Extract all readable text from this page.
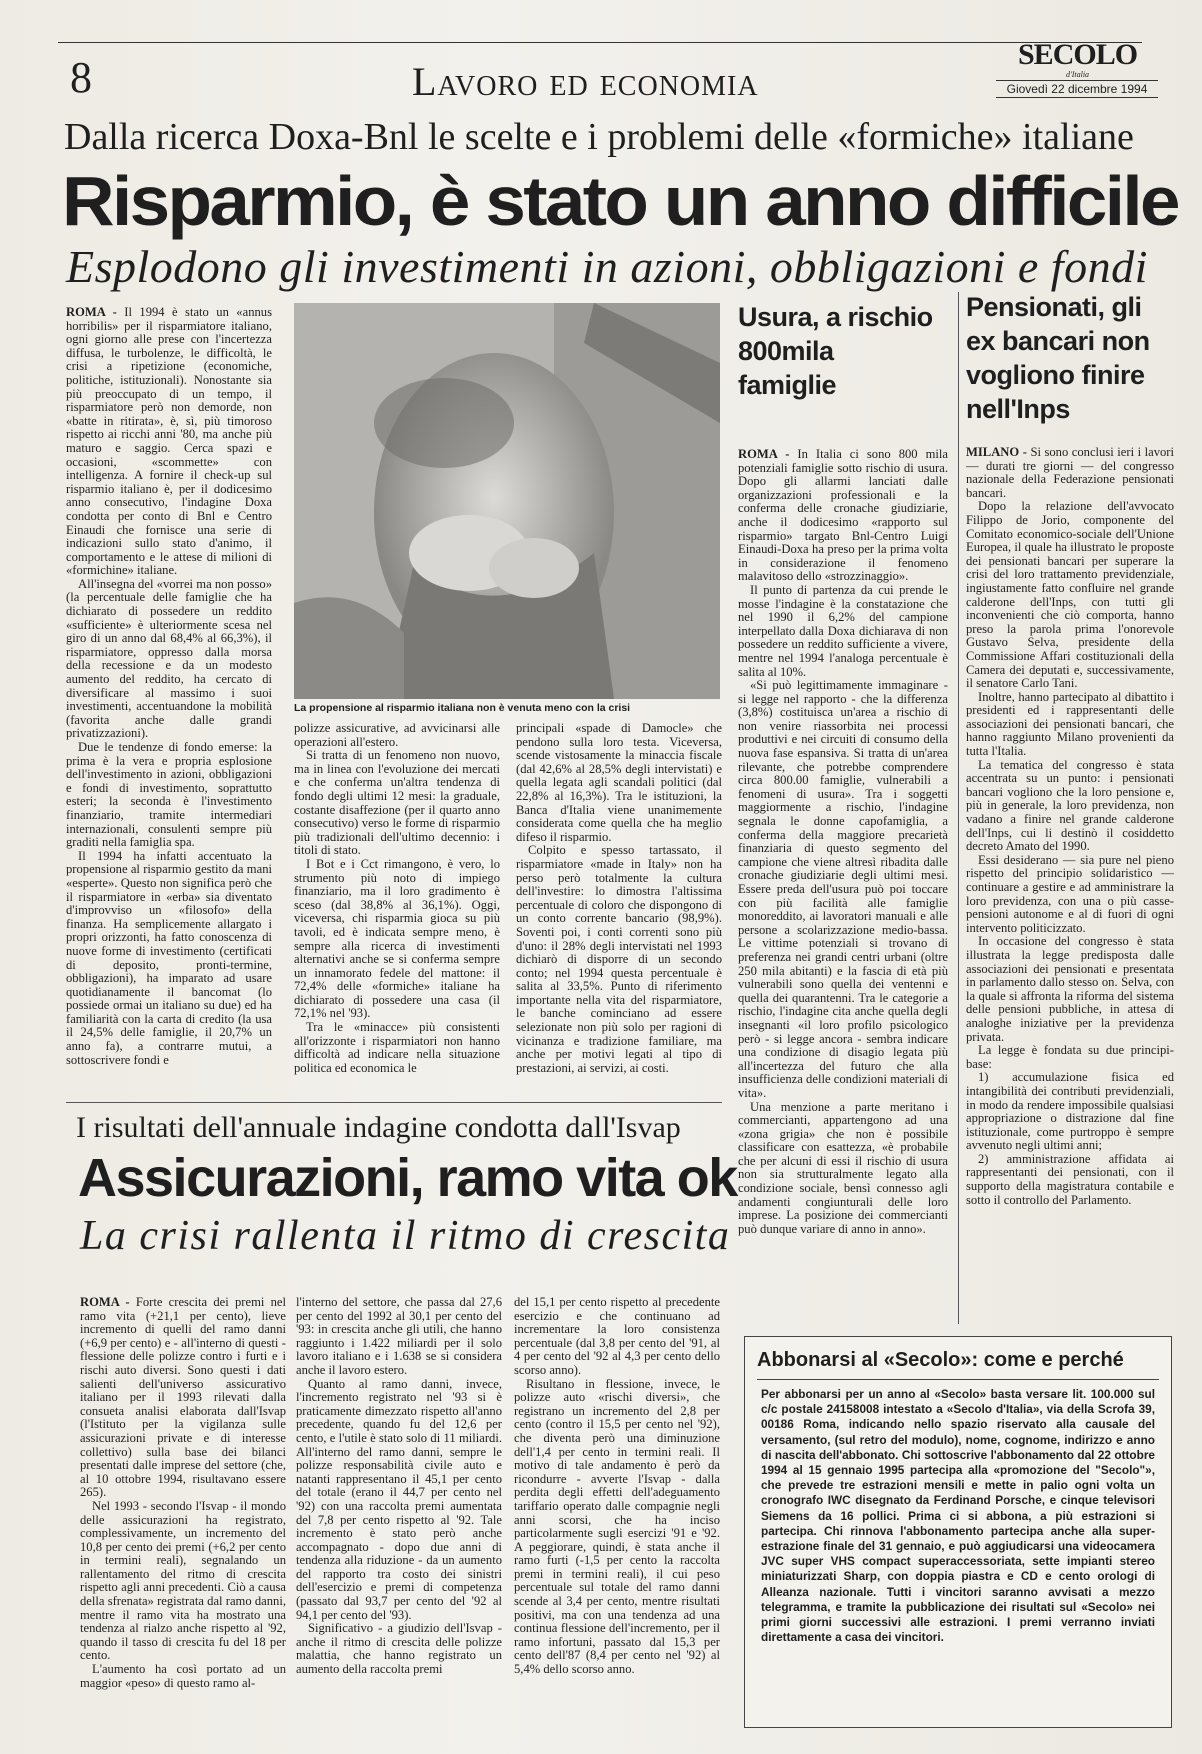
8	Lavoro ed economia
SECOLO
d'Italia
Giovedì 22 dicembre 1994
Dalla ricerca Doxa-Bnl le scelte e i problemi delle «formiche» italiane
Risparmio, è stato un anno difficile
Esplodono gli investimenti in azioni, obbligazioni e fondi

ROMA - Il 1994 è stato un «annus horribilis» per il risparmiatore italiano, ogni giorno alle prese con l'incertezza diffusa, le turbolenze, le difficoltà, le crisi a ripetizione (economiche, politiche, istituzionali). Nonostante sia più preoccupato di un tempo, il risparmiatore però non demorde, non «batte in ritirata», è, sì, più timoroso rispetto ai ricchi anni '80, ma anche più maturo e saggio. Cerca spazi e occasioni, «scommette» con intelligenza. A fornire il check-up sul risparmio italiano è, per il dodicesimo anno consecutivo, l'indagine Doxa condotta per conto di Bnl e Centro Einaudi che fornisce una serie di indicazioni sullo stato d'animo, il comportamento e le attese di milioni di «formichine» italiane.

All'insegna del «vorrei ma non posso» (la percentuale delle famiglie che ha dichiarato di possedere un reddito «sufficiente» è ulteriormente scesa nel giro di un anno dal 68,4% al 66,3%), il risparmiatore, oppresso dalla morsa della recessione e da un modesto aumento del reddito, ha cercato di diversificare al massimo i suoi investimenti, accentuandone la mobilità (favorita anche dalle grandi privatizzazioni).

Due le tendenze di fondo emerse: la prima è la vera e propria esplosione dell'investimento in azioni, obbligazioni e fondi di investimento, soprattutto esteri; la seconda è l'investimento finanziario, tramite intermediari internazionali, consulenti sempre più graditi nella famiglia spa.

Il 1994 ha infatti accentuato la propensione al risparmio gestito da mani «esperte». Questo non significa però che il risparmiatore in «erba» sia diventato d'improvviso un «filosofo» della finanza. Ha semplicemente allargato i propri orizzonti, ha fatto conoscenza di nuove forme di investimento (certificati di deposito, pronti-termine, obbligazioni), ha imparato ad usare quotidianamente il bancomat (lo possiede ormai un italiano su due) ed ha familiarità con la carta di credito (la usa il 24,5% delle famiglie, il 20,7% un anno fa), a contrarre mutui, a sottoscrivere fondi e

La propensione al risparmio italiana non è venuta meno con la crisi

polizze assicurative, ad avvicinarsi alle operazioni all'estero.

Si tratta di un fenomeno non nuovo, ma in linea con l'evoluzione dei mercati e che conferma un'altra tendenza di fondo degli ultimi 12 mesi: la graduale, costante disaffezione (per il quarto anno consecutivo) verso le forme di risparmio più tradizionali dell'ultimo decennio: i titoli di stato.

I Bot e i Cct rimangono, è vero, lo strumento più noto di impiego finanziario, ma il loro gradimento è sceso (dal 38,8% al 36,1%). Oggi, viceversa, chi risparmia gioca su più tavoli, ed è indicata sempre meno, è sempre alla ricerca di investimenti alternativi anche se si conferma sempre un innamorato fedele del mattone: il 72,4% delle «formiche» italiane ha dichiarato di possedere una casa (il 72,1% nel '93).

Tra le «minacce» più consistenti all'orizzonte i risparmiatori non hanno difficoltà ad indicare nella situazione politica ed economica le

principali «spade di Damocle» che pendono sulla loro testa. Viceversa, scende vistosamente la minaccia fiscale (dal 42,6% al 28,5% degli intervistati) e quella legata agli scandali politici (dal 22,8% al 16,3%). Tra le istituzioni, la Banca d'Italia viene unanimemente considerata come quella che ha meglio difeso il risparmio.

Colpito e spesso tartassato, il risparmiatore «made in Italy» non ha perso però totalmente la cultura dell'investire: lo dimostra l'altissima percentuale di coloro che dispongono di un conto corrente bancario (98,9%). Soventi poi, i conti correnti sono più d'uno: il 28% degli intervistati nel 1993 dichiarò di disporre di un secondo conto; nel 1994 questa percentuale è salita al 33,5%. Punto di riferimento importante nella vita del risparmiatore, le banche cominciano ad essere selezionate non più solo per ragioni di vicinanza e tradizione familiare, ma anche per motivi legati al tipo di prestazioni, ai servizi, ai costi.

Usura, a rischio 800mila famiglie

ROMA - In Italia ci sono 800 mila potenziali famiglie sotto rischio di usura. Dopo gli allarmi lanciati dalle organizzazioni professionali e la conferma delle cronache giudiziarie, anche il dodicesimo «rapporto sul risparmio» targato Bnl-Centro Luigi Einaudi-Doxa ha preso per la prima volta in considerazione il fenomeno malavitoso dello «strozzinaggio».

Il punto di partenza da cui prende le mosse l'indagine è la constatazione che nel 1990 il 6,2% del campione interpellato dalla Doxa dichiarava di non possedere un reddito sufficiente a vivere, mentre nel 1994 l'analoga percentuale è salita al 10%.

«Si può legittimamente immaginare - si legge nel rapporto - che la differenza (3,8%) costituisca un'area a rischio di non venire riassorbita nei processi produttivi e nei circuiti di consumo della nuova fase espansiva. Si tratta di un'area rilevante, che potrebbe comprendere circa 800.00 famiglie, vulnerabili a fenomeni di usura». Tra i soggetti maggiormente a rischio, l'indagine segnala le donne capofamiglia, a conferma della maggiore precarietà finanziaria di questo segmento del campione che viene altresì ribadita dalle cronache giudiziarie degli ultimi mesi. Essere preda dell'usura può poi toccare con più facilità alle famiglie monoreddito, ai lavoratori manuali e alle persone a scolarizzazione medio-bassa. Le vittime potenziali si trovano di preferenza nei grandi centri urbani (oltre 250 mila abitanti) e la fascia di età più vulnerabili sono quella dei ventenni e quella dei quarantenni. Tra le categorie a rischio, l'indagine cita anche quella degli insegnanti «il loro profilo psicologico però - si legge ancora - sembra indicare una condizione di disagio legata più all'incertezza del futuro che alla insufficienza delle condizioni materiali di vita».

Una menzione a parte meritano i commercianti, appartengono ad una «zona grigia» che non è possibile classificare con esattezza, «è probabile che per alcuni di essi il rischio di usura non sia strutturalmente legato alla condizione sociale, bensì connesso agli andamenti congiunturali delle loro imprese. La posizione dei commercianti può dunque variare di anno in anno».

Pensionati, gli ex bancari non vogliono finire nell'Inps

MILANO - Si sono conclusi ieri i lavori — durati tre giorni — del congresso nazionale della Federazione pensionati bancari.

Dopo la relazione dell'avvocato Filippo de Jorio, componente del Comitato economico-sociale dell'Unione Europea, il quale ha illustrato le proposte dei pensionati bancari per superare la crisi del loro trattamento previdenziale, ingiustamente fatto confluire nel grande calderone dell'Inps, con tutti gli inconvenienti che ciò comporta, hanno preso la parola prima l'onorevole Gustavo Selva, presidente della Commissione Affari costituzionali della Camera dei deputati e, successivamente, il senatore Carlo Tani.

Inoltre, hanno partecipato al dibattito i presidenti ed i rappresentanti delle associazioni dei pensionati bancari, che hanno raggiunto Milano provenienti da tutta l'Italia.

La tematica del congresso è stata accentrata su un punto: i pensionati bancari vogliono che la loro pensione e, più in generale, la loro previdenza, non vadano a finire nel grande calderone dell'Inps, cui li destinò il cosiddetto decreto Amato del 1990.

Essi desiderano — sia pure nel pieno rispetto del principio solidaristico — continuare a gestire e ad amministrare la loro previdenza, con una o più casse-pensioni autonome e al di fuori di ogni intervento politicizzato.

In occasione del congresso è stata illustrata la legge predisposta dalle associazioni dei pensionati e presentata in parlamento dallo stesso on. Selva, con la quale si affronta la riforma del sistema delle pensioni pubbliche, in attesa di analoghe iniziative per la previdenza privata.

La legge è fondata su due principi-base:

1) accumulazione fisica ed intangibilità dei contributi previdenziali, in modo da rendere impossibile qualsiasi appropriazione o distrazione dal fine istituzionale, come purtroppo è sempre avvenuto negli ultimi anni;

2) amministrazione affidata ai rappresentanti dei pensionati, con il supporto della magistratura contabile e sotto il controllo del Parlamento.

I risultati dell'annuale indagine condotta dall'Isvap
Assicurazioni, ramo vita ok
La crisi rallenta il ritmo di crescita

ROMA - Forte crescita dei premi nel ramo vita (+21,1 per cento), lieve incremento di quelli del ramo danni (+6,9 per cento) e - all'interno di questi - flessione delle polizze contro i furti e i rischi auto diversi. Sono questi i dati salienti dell'universo assicurativo italiano per il 1993 rilevati dalla consueta analisi elaborata dall'Isvap (l'Istituto per la vigilanza sulle assicurazioni private e di interesse collettivo) sulla base dei bilanci presentati dalle imprese del settore (che, al 10 ottobre 1994, risultavano essere 265).

Nel 1993 - secondo l'Isvap - il mondo delle assicurazioni ha registrato, complessivamente, un incremento del 10,8 per cento dei premi (+6,2 per cento in termini reali), segnalando un rallentamento del ritmo di crescita rispetto agli anni precedenti. Ciò a causa della sfrenata» registrata dal ramo danni, mentre il ramo vita ha mostrato una tendenza al rialzo anche rispetto al '92, quando il tasso di crescita fu del 18 per cento.

L'aumento ha così portato ad un maggior «peso» di questo ramo al-

l'interno del settore, che passa dal 27,6 per cento del 1992 al 30,1 per cento del '93: in crescita anche gli utili, che hanno raggiunto i 1.422 miliardi per il solo lavoro italiano e i 1.638 se si considera anche il lavoro estero.

Quanto al ramo danni, invece, l'incremento registrato nel '93 si è praticamente dimezzato rispetto all'anno precedente, quando fu del 12,6 per cento, e l'utile è stato solo di 11 miliardi. All'interno del ramo danni, sempre le polizze responsabilità civile auto e natanti rappresentano il 45,1 per cento del totale (erano il 44,7 per cento nel '92) con una raccolta premi aumentata del 7,8 per cento rispetto al '92. Tale incremento è stato però anche accompagnato - dopo due anni di tendenza alla riduzione - da un aumento del rapporto tra costo dei sinistri dell'esercizio e premi di competenza (passato dal 93,7 per cento del '92 al 94,1 per cento del '93).

Significativo - a giudizio dell'Isvap - anche il ritmo di crescita delle polizze malattia, che hanno registrato un aumento della raccolta premi

del 15,1 per cento rispetto al precedente esercizio e che continuano ad incrementare la loro consistenza percentuale (dal 3,8 per cento del '91, al 4 per cento del '92 al 4,3 per cento dello scorso anno).

Risultano in flessione, invece, le polizze auto «rischi diversi», che registrano un incremento del 2,8 per cento (contro il 15,5 per cento nel '92), che diventa però una diminuzione dell'1,4 per cento in termini reali. Il motivo di tale andamento è però da ricondurre - avverte l'Isvap - dalla perdita degli effetti dell'adeguamento tariffario operato dalle compagnie negli anni scorsi, che ha inciso particolarmente sugli esercizi '91 e '92. A peggiorare, quindi, è stata anche il ramo furti (-1,5 per cento la raccolta premi in termini reali), il cui peso percentuale sul totale del ramo danni scende al 3,4 per cento, mentre risultati positivi, ma con una tendenza ad una continua flessione dell'incremento, per il ramo infortuni, passato dal 15,3 per cento dell'87 (8,4 per cento nel '92) al 5,4% dello scorso anno.

Abbonarsi al «Secolo»: come e perché
Per abbonarsi per un anno al «Secolo» basta versare lit. 100.000 sul c/c postale 24158008 intestato a «Secolo d'Italia», via della Scrofa 39, 00186 Roma, indicando nello spazio riservato alla causale del versamento, (sul retro del modulo), nome, cognome, indirizzo e anno di nascita dell'abbonato. Chi sottoscrive l'abbonamento dal 22 ottobre 1994 al 15 gennaio 1995 partecipa alla «promozione del "Secolo"», che prevede tre estrazioni mensili e mette in palio ogni volta un cronografo IWC disegnato da Ferdinand Porsche, e cinque televisori Siemens da 16 pollici. Prima ci si abbona, a più estrazioni si partecipa. Chi rinnova l'abbonamento partecipa anche alla super-estrazione finale del 31 gennaio, e può aggiudicarsi una videocamera JVC super VHS compact superaccessoriata, sette impianti stereo miniaturizzati Sharp, con doppia piastra e CD e cento orologi di Alleanza nazionale. Tutti i vincitori saranno avvisati a mezzo telegramma, e tramite la pubblicazione dei risultati sul «Secolo» nei primi giorni successivi alle estrazioni. I premi verranno inviati direttamente a casa dei vincitori.
